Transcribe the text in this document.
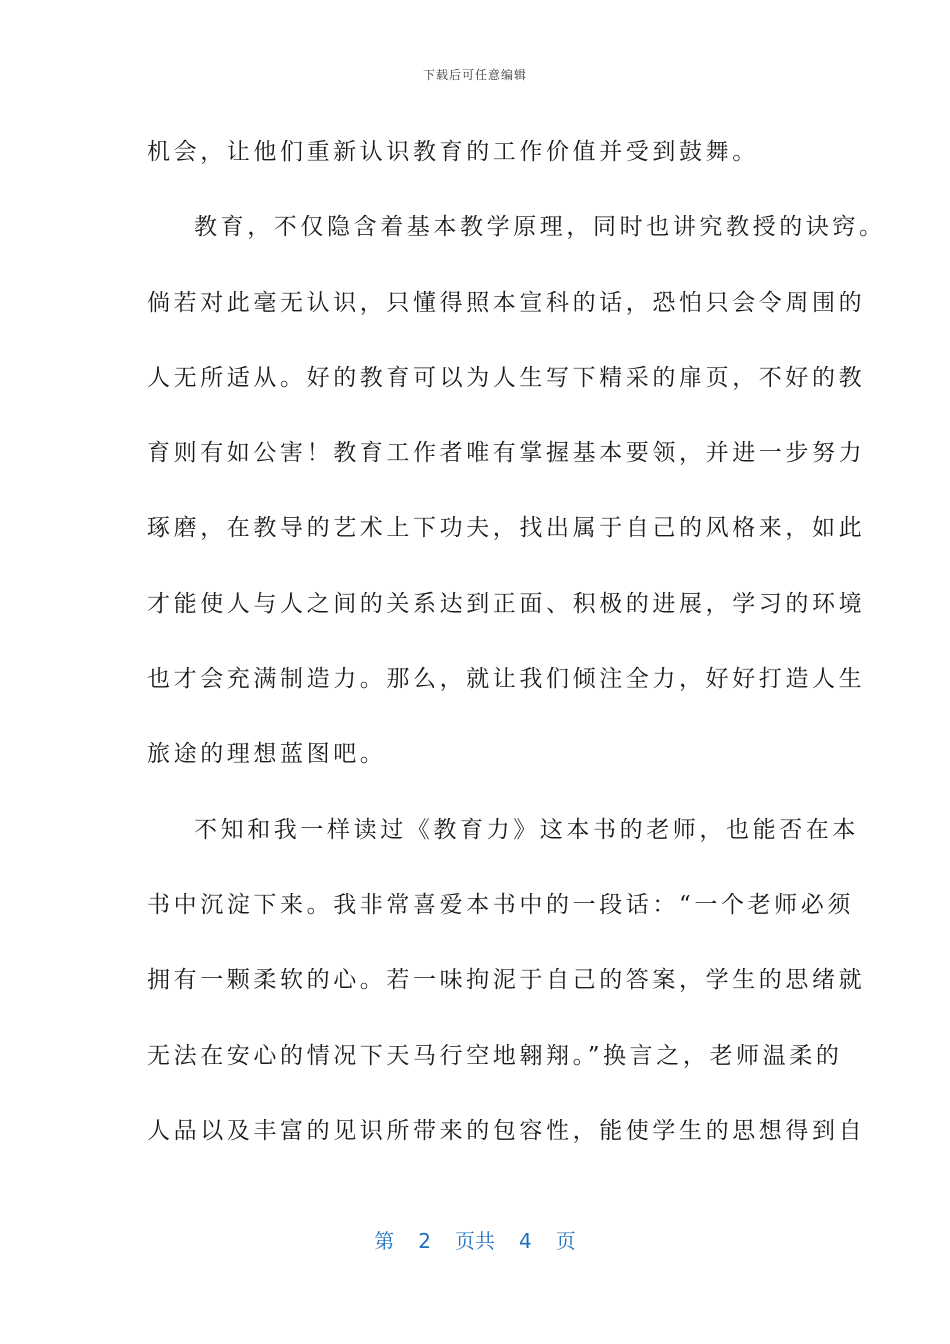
下载后可任意编辑
机会，让他们重新认识教育的工作价值并受到鼓舞。
教育，不仅隐含着基本教学原理，同时也讲究教授的诀窍。
倘若对此毫无认识，只懂得照本宣科的话，恐怕只会令周围的
人无所适从。好的教育可以为人生写下精采的扉页，不好的教
育则有如公害！教育工作者唯有掌握基本要领，并进一步努力
琢磨，在教导的艺术上下功夫，找出属于自己的风格来，如此
才能使人与人之间的关系达到正面、积极的进展，学习的环境
也才会充满制造力。那么，就让我们倾注全力，好好打造人生
旅途的理想蓝图吧。
不知和我一样读过《教育力》这本书的老师，也能否在本
书中沉淀下来。我非常喜爱本书中的一段话：“一个老师必须
拥有一颗柔软的心。若一味拘泥于自己的答案，学生的思绪就
无法在安心的情况下天马行空地翱翔。”换言之，老师温柔的
人品以及丰富的见识所带来的包容性，能使学生的思想得到自
第 2 页共 4 页
